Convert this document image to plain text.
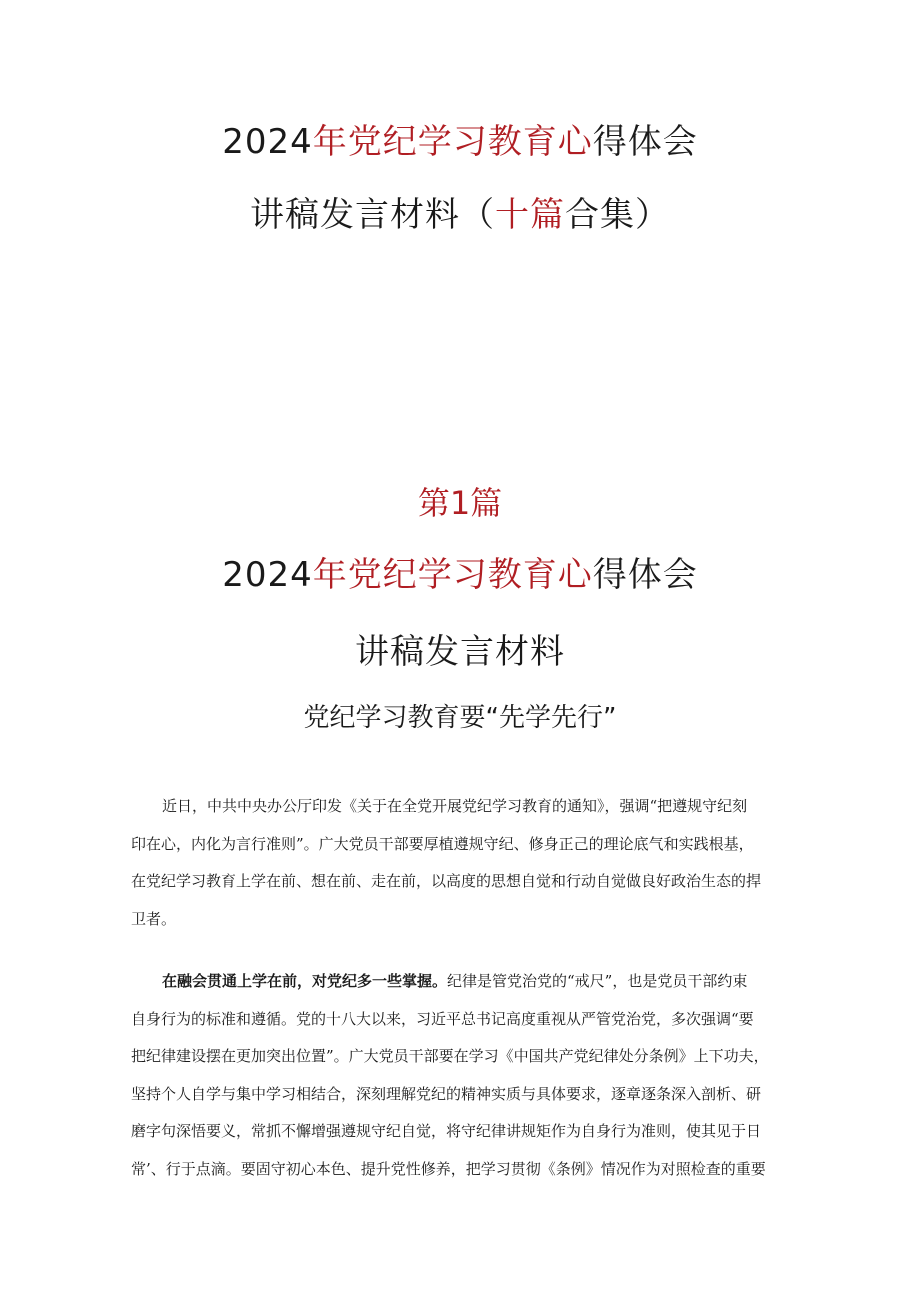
2024年党纪学习教育心得体会
讲稿发言材料（十篇合集）
第1篇
2024年党纪学习教育心得体会
讲稿发言材料
党纪学习教育要“先学先行”
近日，中共中央办公厅印发《关于在全党开展党纪学习教育的通知》，强调“把遵规守纪刻
印在心，内化为言行准则”。广大党员干部要厚植遵规守纪、修身正己的理论底气和实践根基，
在党纪学习教育上学在前、想在前、走在前，以高度的思想自觉和行动自觉做良好政治生态的捍
卫者。
在融会贯通上学在前，对党纪多一些掌握。纪律是管党治党的“戒尺”，也是党员干部约束
自身行为的标准和遵循。党的十八大以来，习近平总书记高度重视从严管党治党，多次强调“要
把纪律建设摆在更加突出位置”。广大党员干部要在学习《中国共产党纪律处分条例》上下功夫，
坚持个人自学与集中学习相结合，深刻理解党纪的精神实质与具体要求，逐章逐条深入剖析、研
磨字句深悟要义，常抓不懈增强遵规守纪自觉，将守纪律讲规矩作为自身行为准则，使其见于日
常’、行于点滴。要固守初心本色、提升党性修养，把学习贯彻《条例》情况作为对照检查的重要
